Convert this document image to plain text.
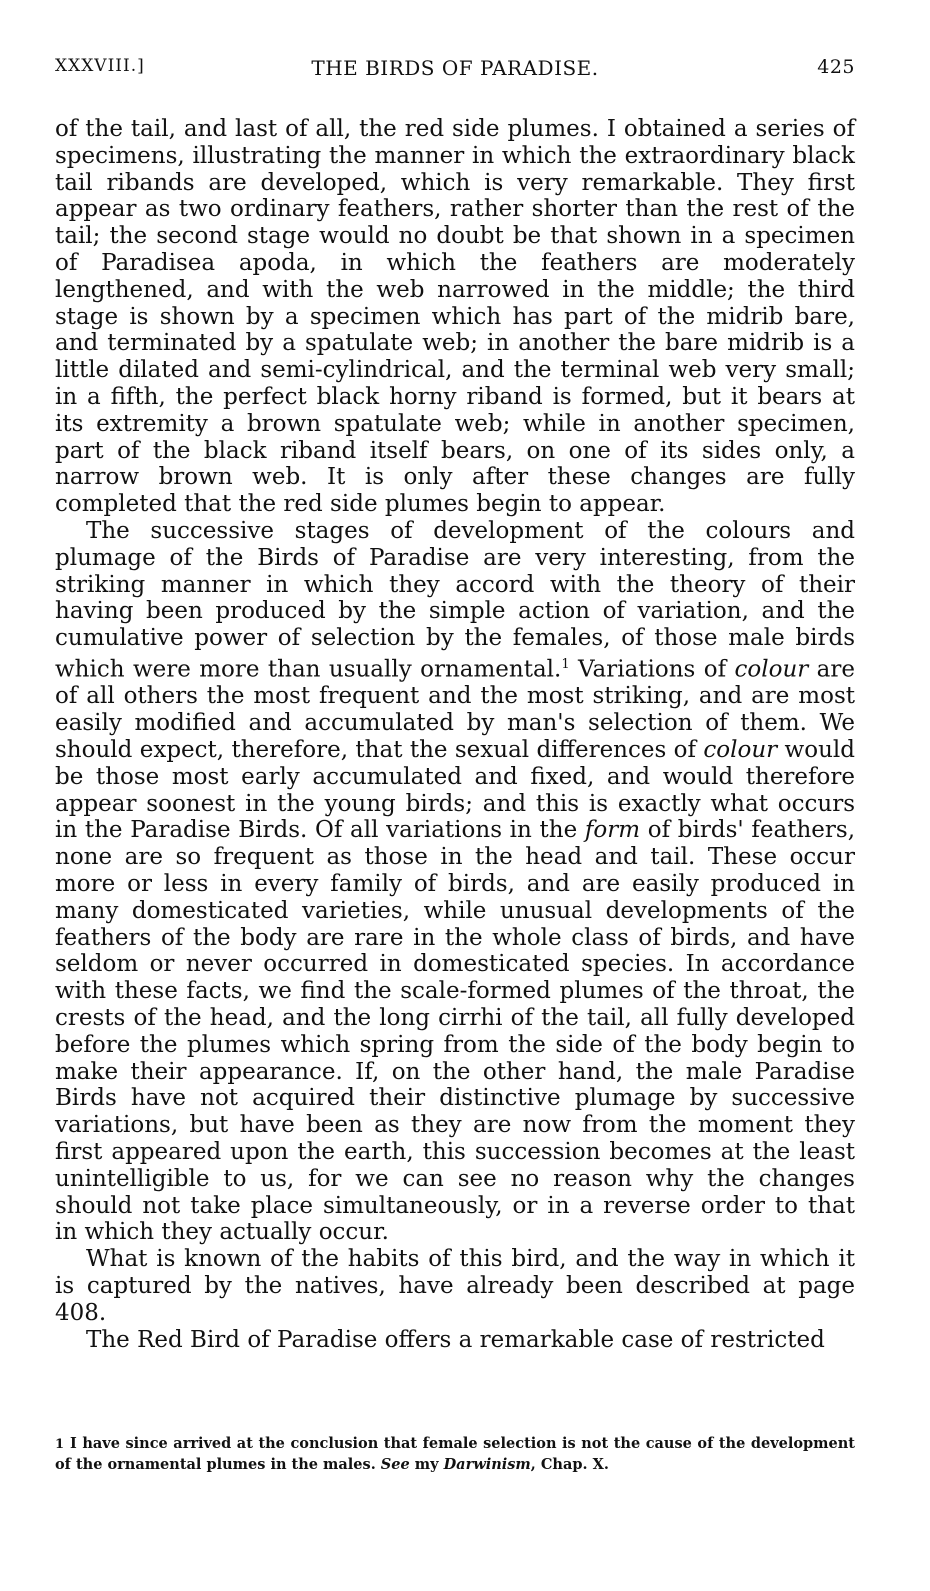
XXXVIII.]	THE BIRDS OF PARADISE.	425

of the tail, and last of all, the red side plumes. I obtained a series of specimens, illustrating the manner in which the extraordinary black tail ribands are developed, which is very remarkable. They first appear as two ordinary feathers, rather shorter than the rest of the tail; the second stage would no doubt be that shown in a specimen of Paradisea apoda, in which the feathers are moderately lengthened, and with the web narrowed in the middle; the third stage is shown by a specimen which has part of the midrib bare, and terminated by a spatulate web; in another the bare midrib is a little dilated and semi-cylindrical, and the terminal web very small; in a fifth, the perfect black horny riband is formed, but it bears at its extremity a brown spatulate web; while in another specimen, part of the black riband itself bears, on one of its sides only, a narrow brown web. It is only after these changes are fully completed that the red side plumes begin to appear.

The successive stages of development of the colours and plumage of the Birds of Paradise are very interesting, from the striking manner in which they accord with the theory of their having been produced by the simple action of variation, and the cumulative power of selection by the females, of those male birds which were more than usually ornamental.$^1$ Variations of colour are of all others the most frequent and the most striking, and are most easily modified and accumulated by man's selection of them. We should expect, therefore, that the sexual differences of colour would be those most early accumulated and fixed, and would therefore appear soonest in the young birds; and this is exactly what occurs in the Paradise Birds. Of all variations in the form of birds' feathers, none are so frequent as those in the head and tail. These occur more or less in every family of birds, and are easily produced in many domesticated varieties, while unusual developments of the feathers of the body are rare in the whole class of birds, and have seldom or never occurred in domesticated species. In accordance with these facts, we find the scale-formed plumes of the throat, the crests of the head, and the long cirrhi of the tail, all fully developed before the plumes which spring from the side of the body begin to make their appearance. If, on the other hand, the male Paradise Birds have not acquired their distinctive plumage by successive variations, but have been as they are now from the moment they first appeared upon the earth, this succession becomes at the least unintelligible to us, for we can see no reason why the changes should not take place simultaneously, or in a reverse order to that in which they actually occur.

What is known of the habits of this bird, and the way in which it is captured by the natives, have already been described at page 408.

The Red Bird of Paradise offers a remarkable case of restricted

1 I have since arrived at the conclusion that female selection is not the cause of the development of the ornamental plumes in the males. See my Darwinism, Chap. X.
